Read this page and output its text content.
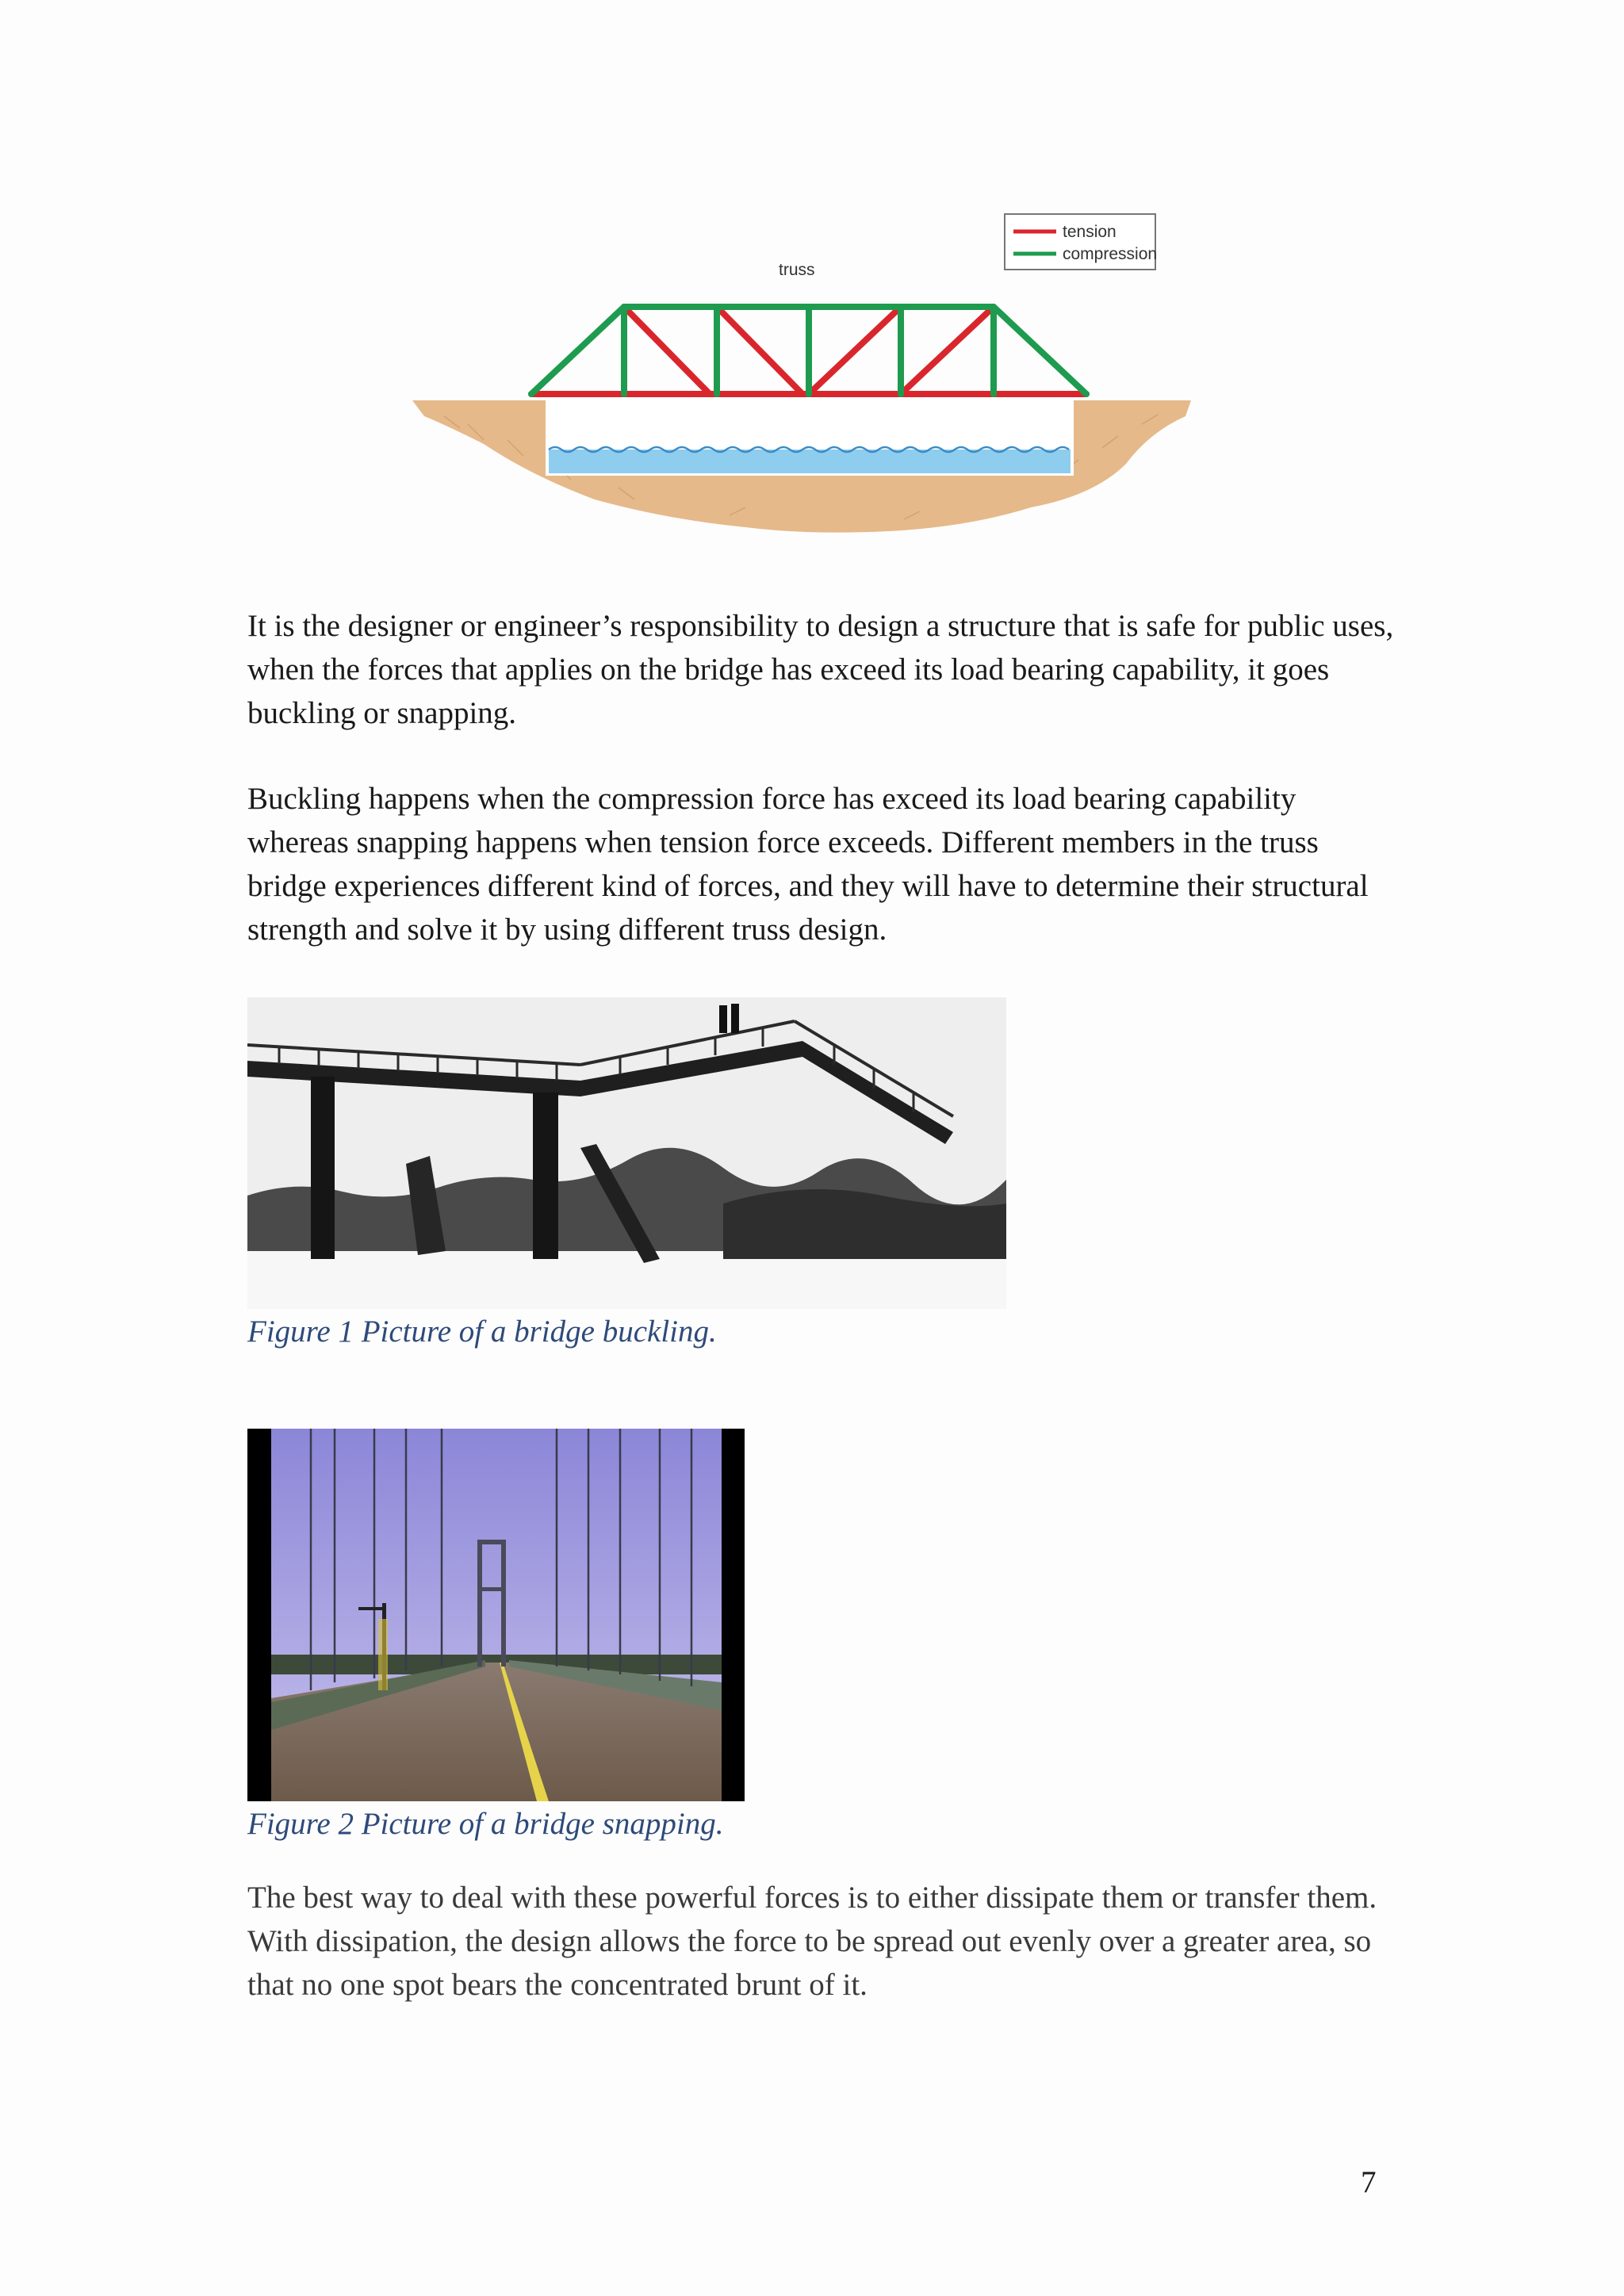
truss
tension
compression

It is the designer or engineer’s responsibility to design a structure that is safe for public uses, when the forces that applies on the bridge has exceed its load bearing capability, it goes buckling or snapping.

Buckling happens when the compression force has exceed its load bearing capability whereas snapping happens when tension force exceeds. Different members in the truss bridge experiences different kind of forces, and they will have to determine their structural strength and solve it by using different truss design.

Figure 1 Picture of a bridge buckling.

Figure 2 Picture of a bridge snapping.

The best way to deal with these powerful forces is to either dissipate them or transfer them. With dissipation, the design allows the force to be spread out evenly over a greater area, so that no one spot bears the concentrated brunt of it.

7
